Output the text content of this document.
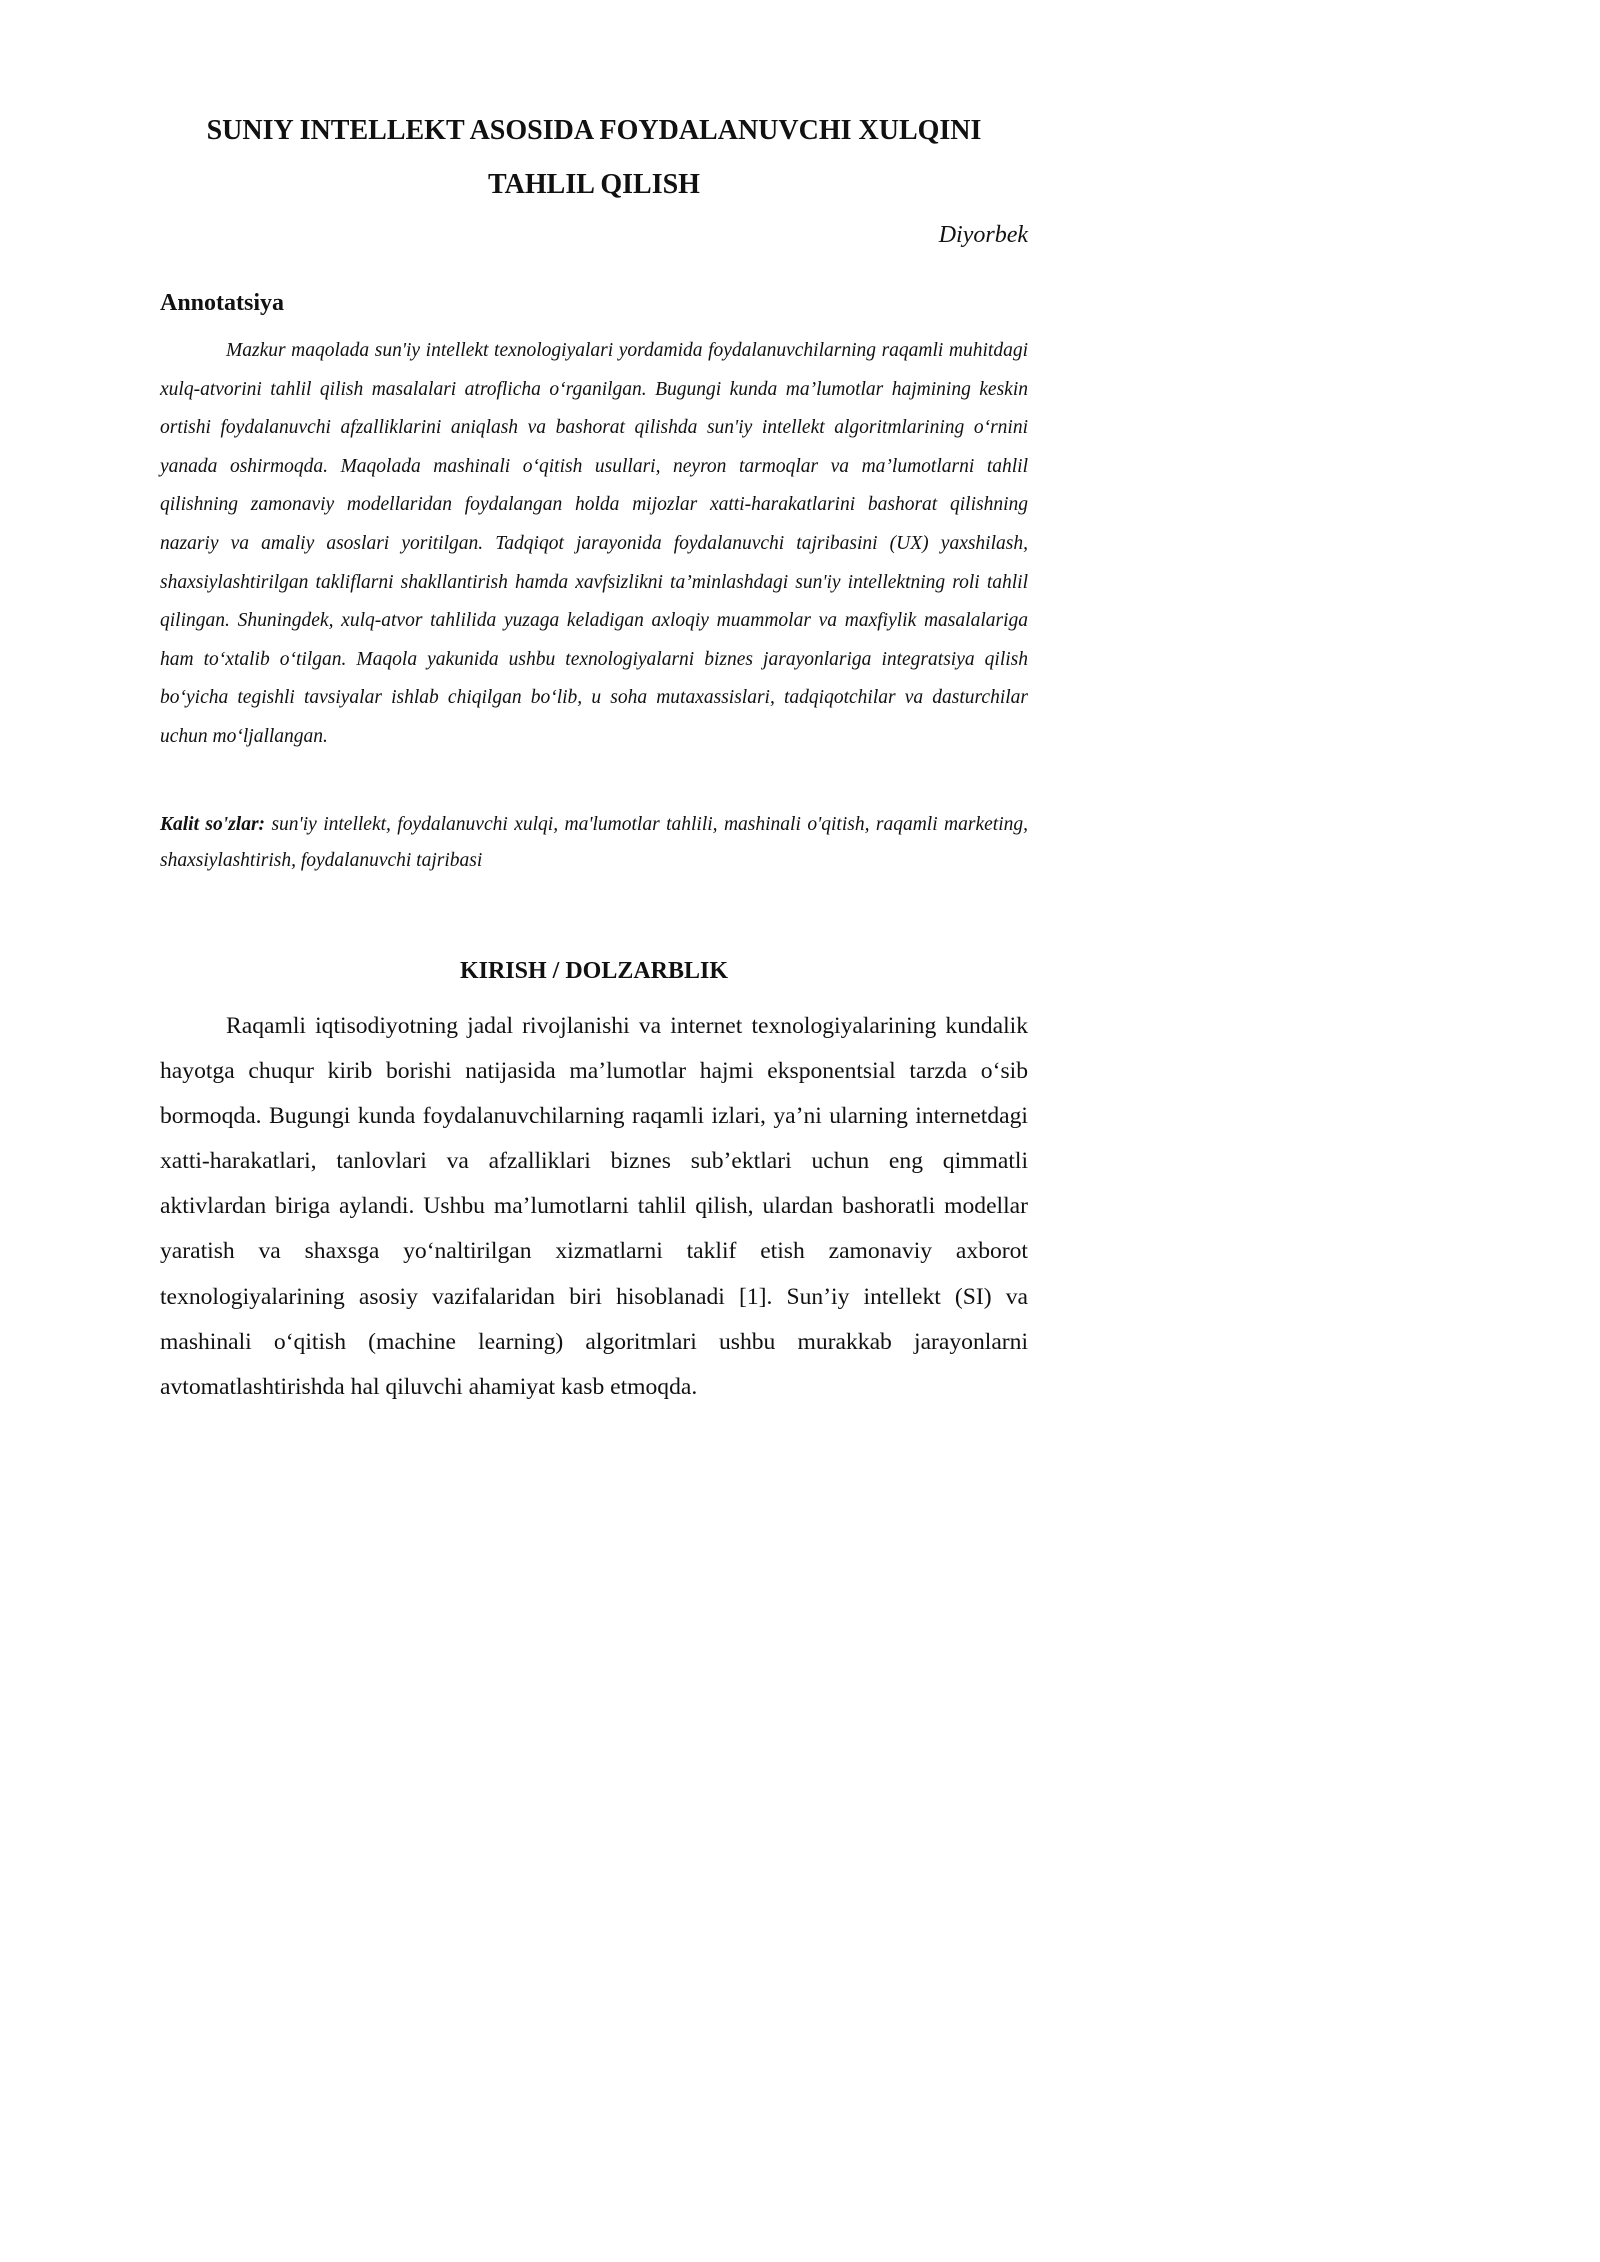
SUNIY INTELLEKT ASOSIDA FOYDALANUVCHI XULQINI
TAHLIL QILISH
Diyorbek
Annotatsiya

Mazkur maqolada sun'iy intellekt texnologiyalari yordamida foydalanuvchilarning raqamli muhitdagi xulq-atvorini tahlil qilish masalalari atroflicha o‘rganilgan. Bugungi kunda ma’lumotlar hajmining keskin ortishi foydalanuvchi afzalliklarini aniqlash va bashorat qilishda sun'iy intellekt algoritmlarining o‘rnini yanada oshirmoqda. Maqolada mashinali o‘qitish usullari, neyron tarmoqlar va ma’lumotlarni tahlil qilishning zamonaviy modellaridan foydalangan holda mijozlar xatti-harakatlarini bashorat qilishning nazariy va amaliy asoslari yoritilgan. Tadqiqot jarayonida foydalanuvchi tajribasini (UX) yaxshilash, shaxsiylashtirilgan takliflarni shakllantirish hamda xavfsizlikni ta’minlashdagi sun'iy intellektning roli tahlil qilingan. Shuningdek, xulq-atvor tahlilida yuzaga keladigan axloqiy muammolar va maxfiylik masalalariga ham to‘xtalib o‘tilgan. Maqola yakunida ushbu texnologiyalarni biznes jarayonlariga integratsiya qilish bo‘yicha tegishli tavsiyalar ishlab chiqilgan bo‘lib, u soha mutaxassislari, tadqiqotchilar va dasturchilar uchun mo‘ljallangan.

Kalit so'zlar: sun'iy intellekt, foydalanuvchi xulqi, ma'lumotlar tahlili, mashinali o'qitish, raqamli marketing, shaxsiylashtirish, foydalanuvchi tajribasi

KIRISH / DOLZARBLIK

Raqamli iqtisodiyotning jadal rivojlanishi va internet texnologiyalarining kundalik hayotga chuqur kirib borishi natijasida ma’lumotlar hajmi eksponentsial tarzda o‘sib bormoqda. Bugungi kunda foydalanuvchilarning raqamli izlari, ya’ni ularning internetdagi xatti-harakatlari, tanlovlari va afzalliklari biznes sub’ektlari uchun eng qimmatli aktivlardan biriga aylandi. Ushbu ma’lumotlarni tahlil qilish, ulardan bashoratli modellar yaratish va shaxsga yo‘naltirilgan xizmatlarni taklif etish zamonaviy axborot texnologiyalarining asosiy vazifalaridan biri hisoblanadi [1]. Sun’iy intellekt (SI) va mashinali o‘qitish (machine learning) algoritmlari ushbu murakkab jarayonlarni avtomatlashtirishda hal qiluvchi ahamiyat kasb etmoqda.
